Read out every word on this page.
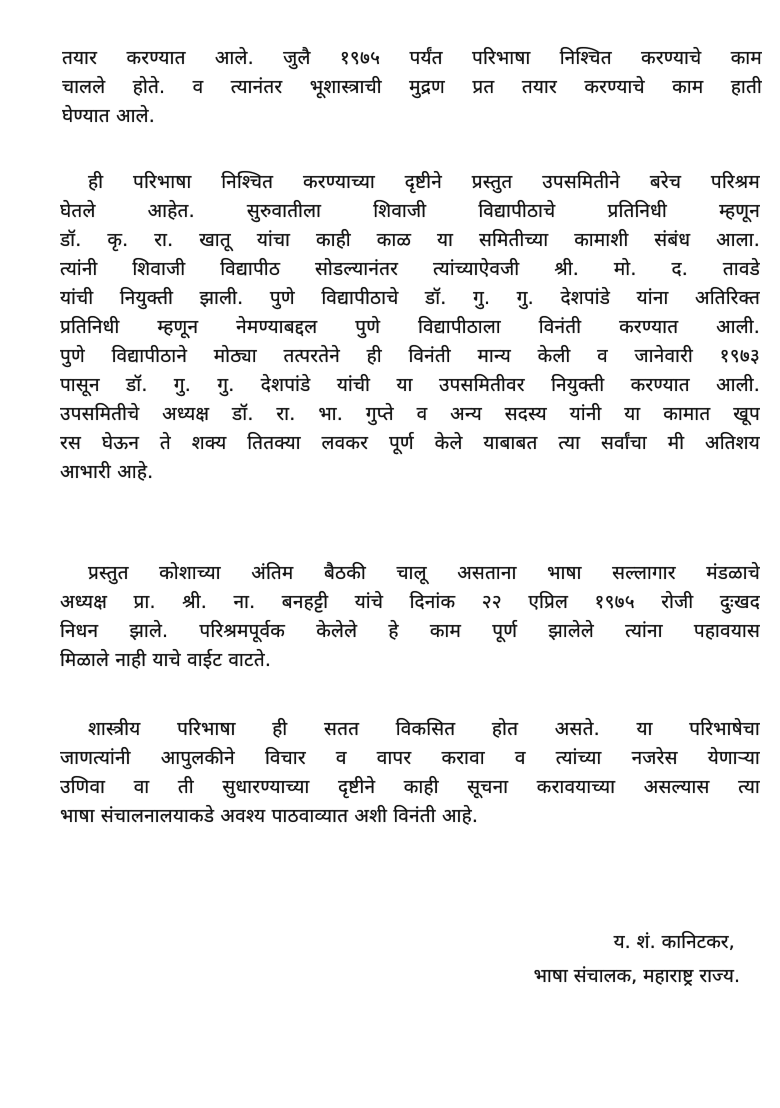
तयार करण्यात आले. जुलै १९७५ पर्यंत परिभाषा निश्चित करण्याचे काम
चालले होते. व त्यानंतर भूशास्त्राची मुद्रण प्रत तयार करण्याचे काम हाती
घेण्यात आले.
ही परिभाषा निश्चित करण्याच्या दृष्टीने प्रस्तुत उपसमितीने बरेच परिश्रम
घेतले आहेत. सुरुवातीला शिवाजी विद्यापीठाचे प्रतिनिधी म्हणून
डॉ. कृ. रा. खातू यांचा काही काळ या समितीच्या कामाशी संबंध आला.
त्यांनी शिवाजी विद्यापीठ सोडल्यानंतर त्यांच्याऐवजी श्री. मो. द. तावडे
यांची नियुक्ती झाली. पुणे विद्यापीठाचे डॉ. गु. गु. देशपांडे यांना अतिरिक्त
प्रतिनिधी म्हणून नेमण्याबद्दल पुणे विद्यापीठाला विनंती करण्यात आली.
पुणे विद्यापीठाने मोठ्या तत्परतेने ही विनंती मान्य केली व जानेवारी १९७३
पासून डॉ. गु. गु. देशपांडे यांची या उपसमितीवर नियुक्ती करण्यात आली.
उपसमितीचे अध्यक्ष डॉ. रा. भा. गुप्ते व अन्य सदस्य यांनी या कामात खूप
रस घेऊन ते शक्य तितक्या लवकर पूर्ण केले याबाबत त्या सर्वांचा मी अतिशय
आभारी आहे.
प्रस्तुत कोशाच्या अंतिम बैठकी चालू असताना भाषा सल्लागार मंडळाचे
अध्यक्ष प्रा. श्री. ना. बनहट्टी यांचे दिनांक २२ एप्रिल १९७५ रोजी दुःखद
निधन झाले. परिश्रमपूर्वक केलेले हे काम पूर्ण झालेले त्यांना पहावयास
मिळाले नाही याचे वाईट वाटते.
शास्त्रीय परिभाषा ही सतत विकसित होत असते. या परिभाषेचा
जाणत्यांनी आपुलकीने विचार व वापर करावा व त्यांच्या नजरेस येणाऱ्या
उणिवा वा ती सुधारण्याच्या दृष्टीने काही सूचना करावयाच्या असल्यास त्या
भाषा संचालनालयाकडे अवश्य पाठवाव्यात अशी विनंती आहे.
य. शं. कानिटकर,
भाषा संचालक, महाराष्ट्र राज्य.
